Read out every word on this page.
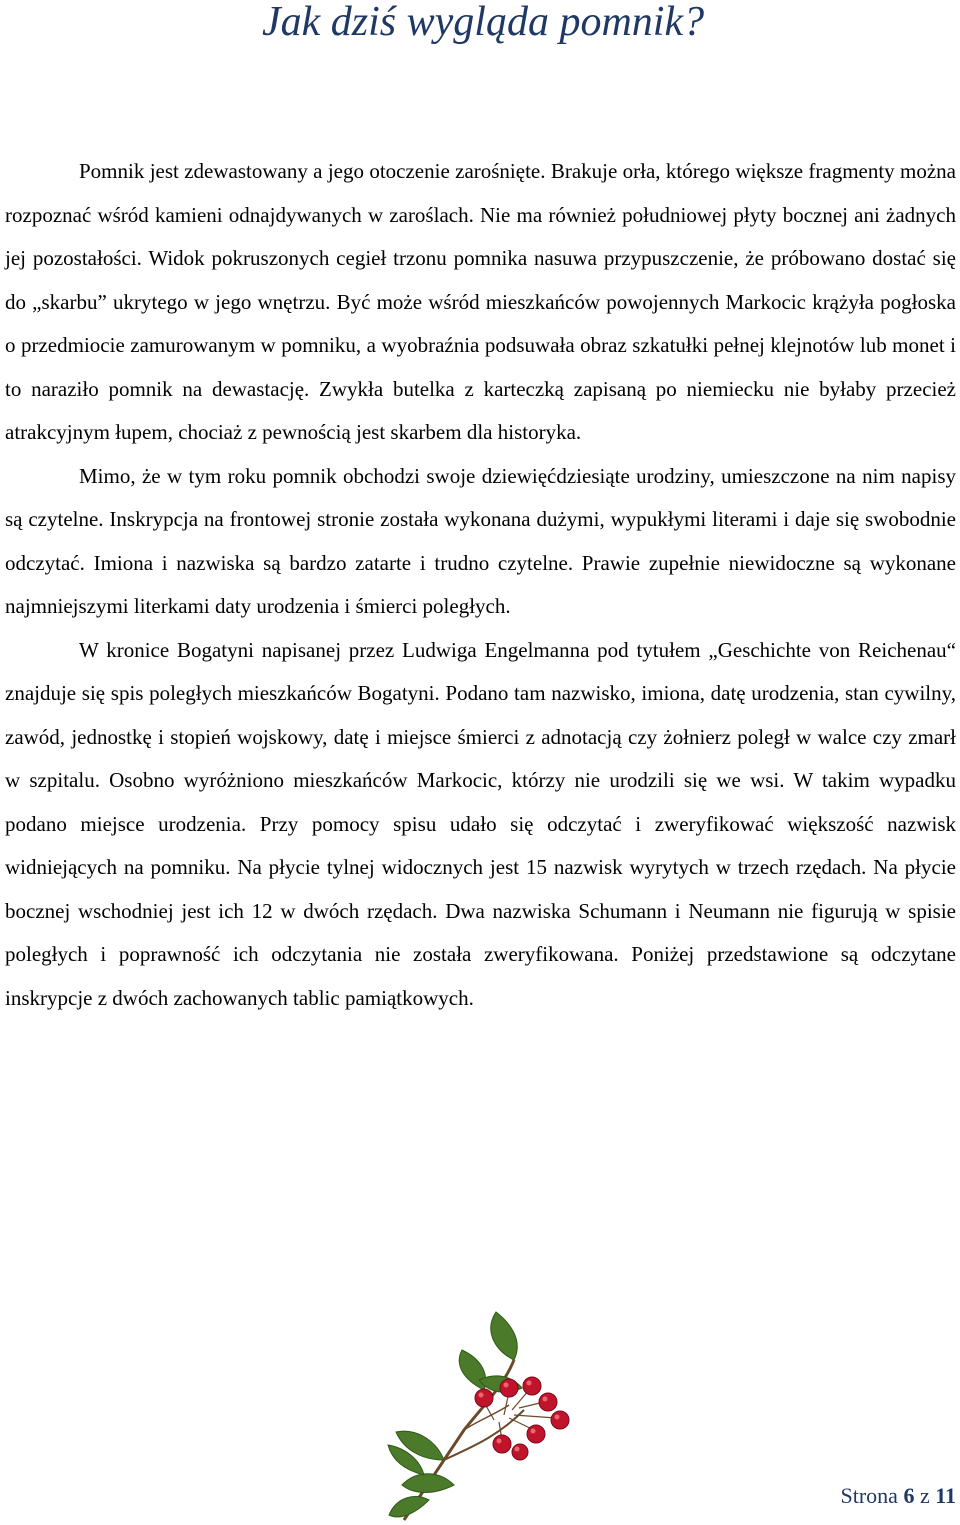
Jak dziś wygląda pomnik?

Pomnik jest zdewastowany a jego otoczenie zarośnięte. Brakuje orła, którego większe fragmenty można rozpoznać wśród kamieni odnajdywanych w zaroślach. Nie ma również południowej płyty bocznej ani żadnych jej pozostałości. Widok pokruszonych cegieł trzonu pomnika nasuwa przypuszczenie, że próbowano dostać się do „skarbu” ukrytego w jego wnętrzu. Być może wśród mieszkańców powojennych Markocic krążyła pogłoska o przedmiocie zamurowanym w pomniku, a wyobraźnia podsuwała obraz szkatułki pełnej klejnotów lub monet i to naraziło pomnik na dewastację. Zwykła butelka z karteczką zapisaną po niemiecku nie byłaby przecież atrakcyjnym łupem, chociaż z pewnością jest skarbem dla historyka.

Mimo, że w tym roku pomnik obchodzi swoje dziewięćdziesiąte urodziny, umieszczone na nim napisy są czytelne. Inskrypcja na frontowej stronie została wykonana dużymi, wypukłymi literami i daje się swobodnie odczytać. Imiona i nazwiska są bardzo zatarte i trudno czytelne. Prawie zupełnie niewidoczne są wykonane najmniejszymi literkami daty urodzenia i śmierci poległych.

W kronice Bogatyni napisanej przez Ludwiga Engelmanna pod tytułem „Geschichte von Reichenau“ znajduje się spis poległych mieszkańców Bogatyni. Podano tam nazwisko, imiona, datę urodzenia, stan cywilny, zawód, jednostkę i stopień wojskowy, datę i miejsce śmierci z adnotacją czy żołnierz poległ w walce czy zmarł w szpitalu. Osobno wyróżniono mieszkańców Markocic, którzy nie urodzili się we wsi. W takim wypadku podano miejsce urodzenia. Przy pomocy spisu udało się odczytać i zweryfikować większość nazwisk widniejących na pomniku. Na płycie tylnej widocznych jest 15 nazwisk wyrytych w trzech rzędach. Na płycie bocznej wschodniej jest ich 12 w dwóch rzędach. Dwa nazwiska Schumann i Neumann nie figurują w spisie poległych i poprawność ich odczytania nie została zweryfikowana. Poniżej przedstawione są odczytane inskrypcje z dwóch zachowanych tablic pamiątkowych.

Strona 6 z 11
